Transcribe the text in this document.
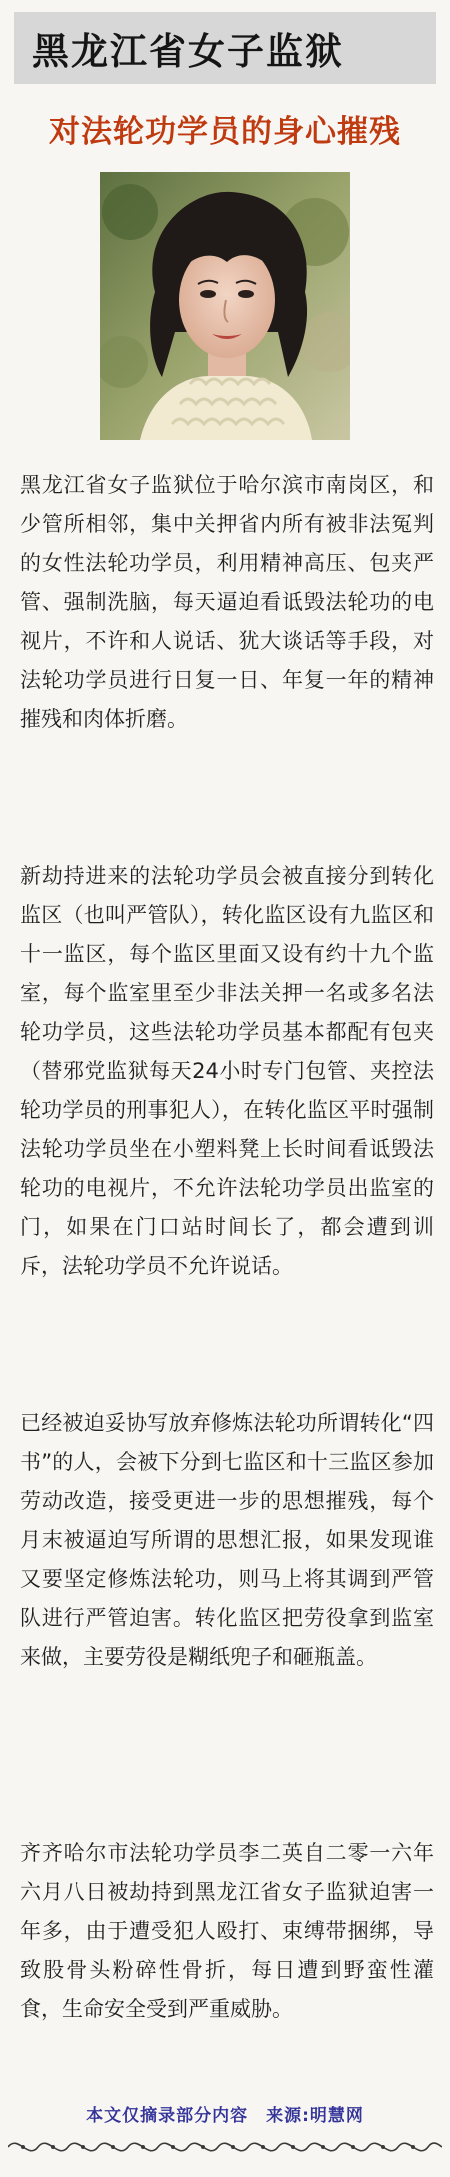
黑龙江省女子监狱
对法轮功学员的身心摧残

黑龙江省女子监狱位于哈尔滨市南岗区，和少管所相邻，集中关押省内所有被非法冤判的女性法轮功学员，利用精神高压、包夹严管、强制洗脑，每天逼迫看诋毁法轮功的电视片，不许和人说话、犹大谈话等手段，对法轮功学员进行日复一日、年复一年的精神摧残和肉体折磨。

新劫持进来的法轮功学员会被直接分到转化监区（也叫严管队），转化监区设有九监区和十一监区，每个监区里面又设有约十九个监室，每个监室里至少非法关押一名或多名法轮功学员，这些法轮功学员基本都配有包夹（替邪党监狱每天24小时专门包管、夹控法轮功学员的刑事犯人），在转化监区平时强制法轮功学员坐在小塑料凳上长时间看诋毁法轮功的电视片，不允许法轮功学员出监室的门，如果在门口站时间长了，都会遭到训斥，法轮功学员不允许说话。

已经被迫妥协写放弃修炼法轮功所谓转化“四书”的人，会被下分到七监区和十三监区参加劳动改造，接受更进一步的思想摧残，每个月末被逼迫写所谓的思想汇报，如果发现谁又要坚定修炼法轮功，则马上将其调到严管队进行严管迫害。转化监区把劳役拿到监室来做，主要劳役是糊纸兜子和砸瓶盖。

齐齐哈尔市法轮功学员李二英自二零一六年六月八日被劫持到黑龙江省女子监狱迫害一年多，由于遭受犯人殴打、束缚带捆绑，导致股骨头粉碎性骨折，每日遭到野蛮性灌食，生命安全受到严重威胁。

本文仅摘录部分内容　来源:明慧网
